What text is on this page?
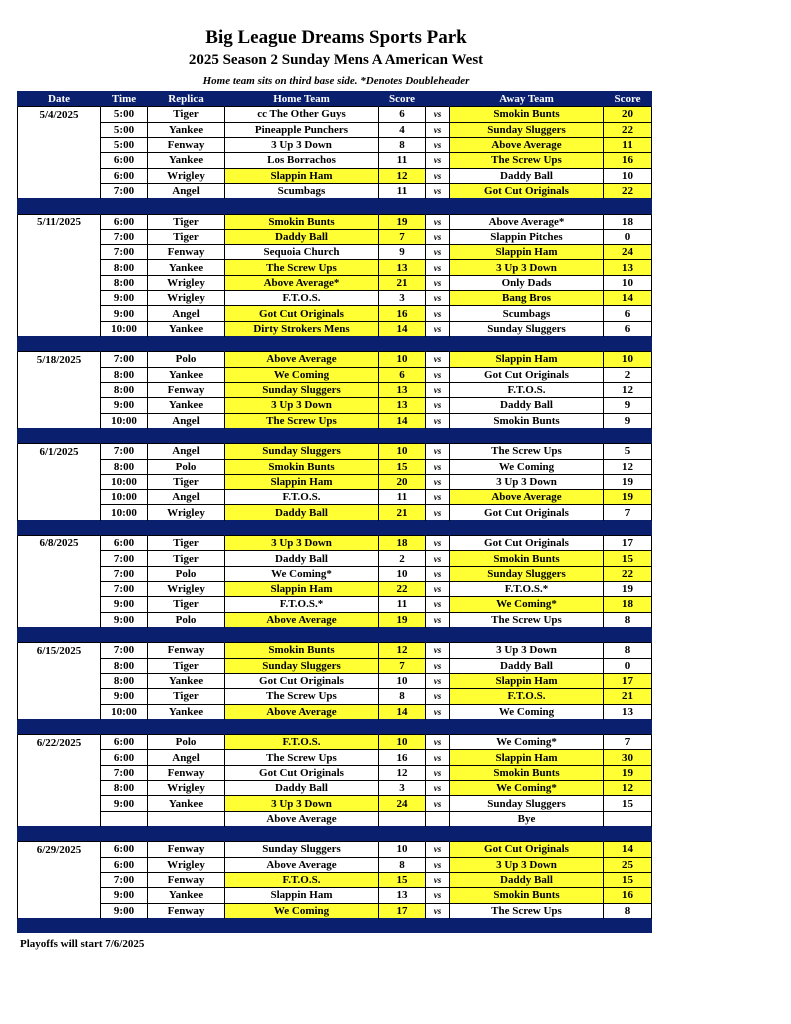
Big League Dreams Sports Park
2025 Season 2 Sunday Mens A American West
Home team sits on third base side. *Denotes Doubleheader
Date	Time	Replica	Home Team	Score		Away Team	Score
5/4/2025	5:00	Tiger	cc The Other Guys	6	vs	Smokin Bunts	20
	5:00	Yankee	Pineapple Punchers	4	vs	Sunday Sluggers	22
	5:00	Fenway	3 Up 3 Down	8	vs	Above Average	11
	6:00	Yankee	Los Borrachos	11	vs	The Screw Ups	16
	6:00	Wrigley	Slappin Ham	12	vs	Daddy Ball	10
	7:00	Angel	Scumbags	11	vs	Got Cut Originals	22

5/11/2025	6:00	Tiger	Smokin Bunts	19	vs	Above Average*	18
	7:00	Tiger	Daddy Ball	7	vs	Slappin Pitches	0
	7:00	Fenway	Sequoia Church	9	vs	Slappin Ham	24
	8:00	Yankee	The Screw Ups	13	vs	3 Up 3 Down	13
	8:00	Wrigley	Above Average*	21	vs	Only Dads	10
	9:00	Wrigley	F.T.O.S.	3	vs	Bang Bros	14
	9:00	Angel	Got Cut Originals	16	vs	Scumbags	6
	10:00	Yankee	Dirty Strokers Mens	14	vs	Sunday Sluggers	6

5/18/2025	7:00	Polo	Above Average	10	vs	Slappin Ham	10
	8:00	Yankee	We Coming	6	vs	Got Cut Originals	2
	8:00	Fenway	Sunday Sluggers	13	vs	F.T.O.S.	12
	9:00	Yankee	3 Up 3 Down	13	vs	Daddy Ball	9
	10:00	Angel	The Screw Ups	14	vs	Smokin Bunts	9

6/1/2025	7:00	Angel	Sunday Sluggers	10	vs	The Screw Ups	5
	8:00	Polo	Smokin Bunts	15	vs	We Coming	12
	10:00	Tiger	Slappin Ham	20	vs	3 Up 3 Down	19
	10:00	Angel	F.T.O.S.	11	vs	Above Average	19
	10:00	Wrigley	Daddy Ball	21	vs	Got Cut Originals	7

6/8/2025	6:00	Tiger	3 Up 3 Down	18	vs	Got Cut Originals	17
	7:00	Tiger	Daddy Ball	2	vs	Smokin Bunts	15
	7:00	Polo	We Coming*	10	vs	Sunday Sluggers	22
	7:00	Wrigley	Slappin Ham	22	vs	F.T.O.S.*	19
	9:00	Tiger	F.T.O.S.*	11	vs	We Coming*	18
	9:00	Polo	Above Average	19	vs	The Screw Ups	8

6/15/2025	7:00	Fenway	Smokin Bunts	12	vs	3 Up 3 Down	8
	8:00	Tiger	Sunday Sluggers	7	vs	Daddy Ball	0
	8:00	Yankee	Got Cut Originals	10	vs	Slappin Ham	17
	9:00	Tiger	The Screw Ups	8	vs	F.T.O.S.	21
	10:00	Yankee	Above Average	14	vs	We Coming	13

6/22/2025	6:00	Polo	F.T.O.S.	10	vs	We Coming*	7
	6:00	Angel	The Screw Ups	16	vs	Slappin Ham	30
	7:00	Fenway	Got Cut Originals	12	vs	Smokin Bunts	19
	8:00	Wrigley	Daddy Ball	3	vs	We Coming*	12
	9:00	Yankee	3 Up 3 Down	24	vs	Sunday Sluggers	15
			Above Average			Bye	

6/29/2025	6:00	Fenway	Sunday Sluggers	10	vs	Got Cut Originals	14
	6:00	Wrigley	Above Average	8	vs	3 Up 3 Down	25
	7:00	Fenway	F.T.O.S.	15	vs	Daddy Ball	15
	9:00	Yankee	Slappin Ham	13	vs	Smokin Bunts	16
	9:00	Fenway	We Coming	17	vs	The Screw Ups	8

Playoffs will start 7/6/2025
